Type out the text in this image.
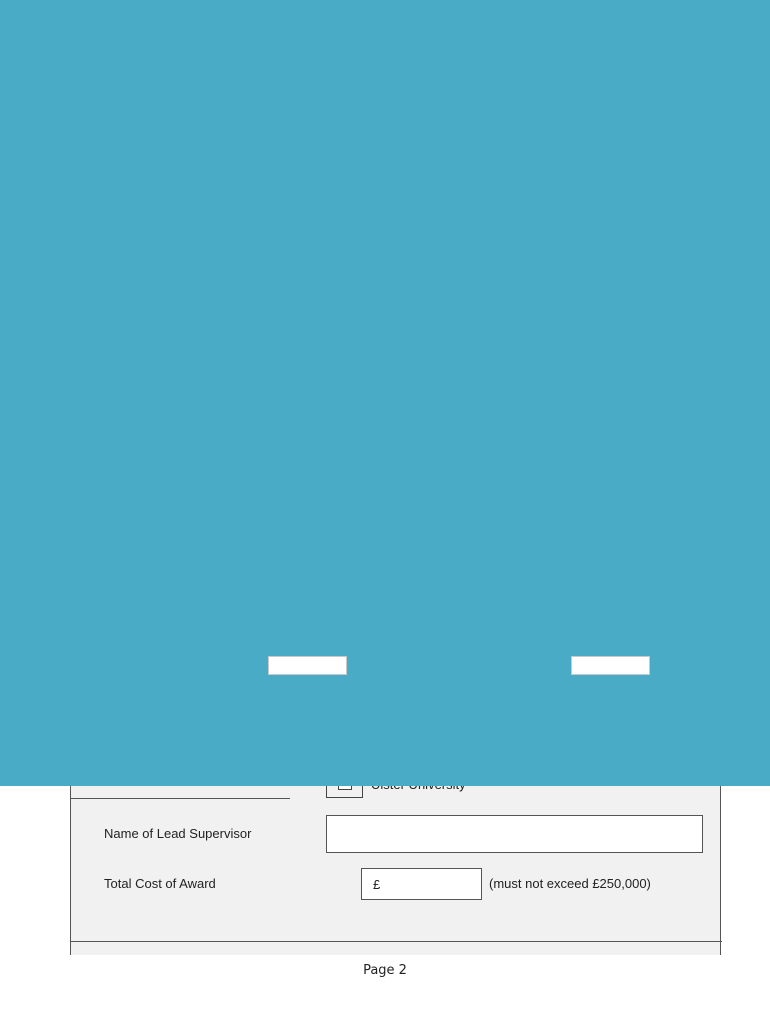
Name of Lead Supervisor
Total Cost of Award	£	(must not exceed £250,000)
Page 2
